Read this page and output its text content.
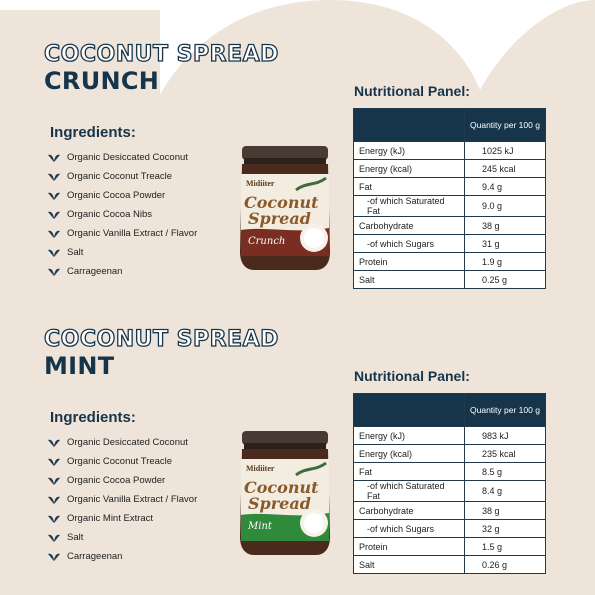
COCONUT SPREAD
CRUNCH
Ingredients:
Organic Desiccated Coconut
Organic Coconut Treacle
Organic Cocoa Powder
Organic Cocoa Nibs
Organic Vanilla Extract / Flavor
Salt
Carrageenan
Midiiter
Coconut
Spread
Crunch
Nutritional Panel:
	Quantity per 100 g
Energy (kJ)	1025 kJ
Energy (kcal)	245 kcal
Fat	9.4 g
-of which Saturated Fat	9.0 g
Carbohydrate	38 g
-of which Sugars	31 g
Protein	1.9 g
Salt	0.25 g
COCONUT SPREAD
MINT
Ingredients:
Organic Desiccated Coconut
Organic Coconut Treacle
Organic Cocoa Powder
Organic Vanilla Extract / Flavor
Organic Mint Extract
Salt
Carrageenan
Midiiter
Coconut
Spread
Mint
Nutritional Panel:
	Quantity per 100 g
Energy (kJ)	983 kJ
Energy (kcal)	235 kcal
Fat	8.5 g
-of which Saturated Fat	8.4 g
Carbohydrate	38 g
-of which Sugars	32 g
Protein	1.5 g
Salt	0.26 g
